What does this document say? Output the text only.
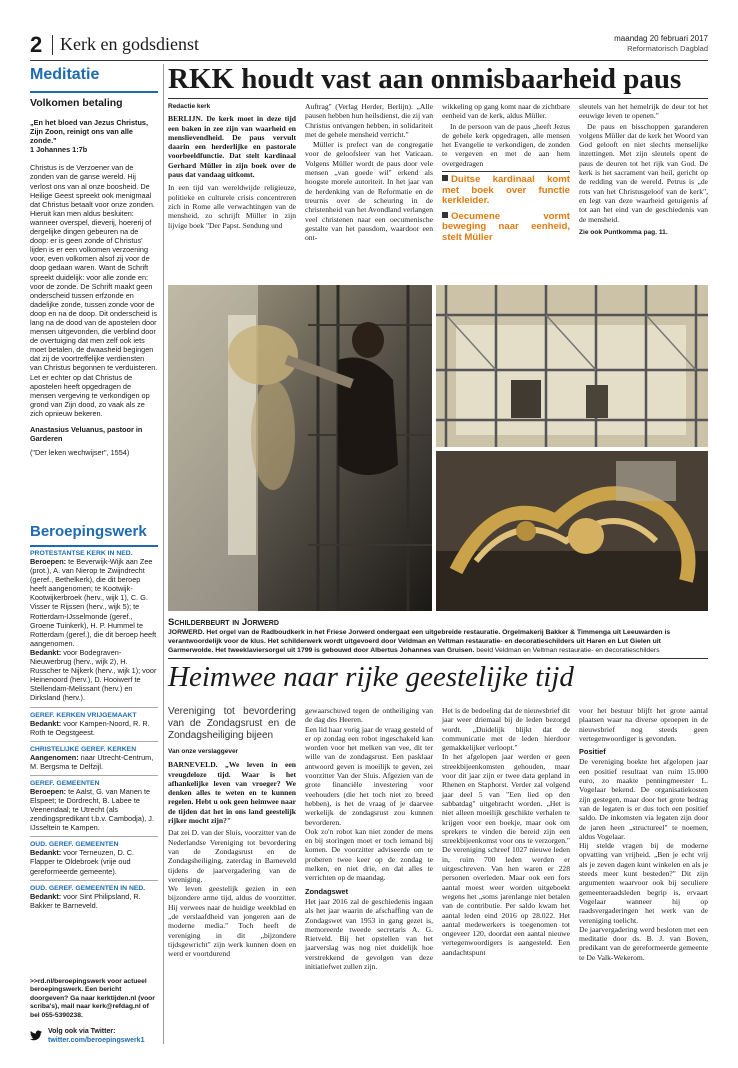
2 Kerk en godsdienst	maandag 20 februari 2017
Reformatorisch Dagblad
Meditatie
Volkomen betaling
„En het bloed van Jezus Christus, Zijn Zoon, reinigt ons van alle zonde."
1 Johannes 1:7b
Christus is de Verzoener van de zonden van de ganse wereld. Hij verlost ons van al onze boosheid. De Heilige Geest spreekt ook menigmaal dat Christus betaalt voor onze zonden. Hieruit kan men aldus besluiten: wanneer overspel, dieverij, hoererij of dergelijke dingen gebeuren na de doop: er is geen zonde of Christus' lijden is er een volkomen verzoening voor, even volkomen alsof zij voor de doop gedaan waren. Want de Schrift spreekt duidelijk: voor alle zonde en: voor de zonde. De Schrift maakt geen onderscheid tussen erfzonde en dadelijke zonde, tussen zonde voor de doop en na de doop. Dit onderscheid is lang na de dood van de apostelen door mensen uitgevonden, die verblind door de overtuiging dat men zelf ook iets moet betalen, de dwaasheid begingen dat zij de voortreffelijke verdiensten van Christus begonnen te verduisteren. Let er echter op dat Christus de apostelen heeft opgedragen de mensen vergeving te verkondigen op grond van Zijn dood, zo vaak als ze zich opnieuw bekeren.
Anastasius Veluanus, pastoor in Garderen
("Der leken wechwijser", 1554)
Beroepingswerk
PROTESTANTSE KERK IN NED.
Beroepen: te Beverwijk-Wijk aan Zee (prot.), A. van Nierop te Zwijndrecht (geref., Bethelkerk), die dit beroep heeft aangenomen; te Kootwijk-Kootwijkerbroek (herv., wijk 1), C. G. Visser te Rijssen (herv., wijk 5); te Rotterdam-IJsselmonde (geref., Groene Tuinkerk), H. P. Hummel te Rotterdam (geref.), die dit beroep heeft aangenomen.
Bedankt: voor Bodegraven-Nieuwerbrug (herv., wijk 2), H. Russcher te Nijkerk (herv., wijk 1); voor Heinenoord (herv.), D. Hooiwerf te Stellendam-Melissant (herv.) en Dirksland (herv.).
GEREF. KERKEN VRIJGEMAAKT
Bedankt: voor Kampen-Noord, R. R. Roth te Oegstgeest.
CHRISTELIJKE GEREF. KERKEN
Aangenomen: naar Utrecht-Centrum, M. Bergsma te Delfzijl.
GEREF. GEMEENTEN
Beroepen: te Aalst, G. van Manen te Elspeet; te Dordrecht, B. Labee te Veenendaal; te Utrecht (als zendingspredikant t.b.v. Cambodja), J. IJsseltein te Kampen.
OUD. GEREF. GEMEENTEN
Bedankt: voor Terneuzen, D. C. Flapper te Oldebroek (vrije oud gereformeerde gemeente).
OUD. GEREF. GEMEENTEN IN NED.
Bedankt: voor Sint Philipsland, R. Bakker te Barneveld.
>>rd.nl/beroepingswerk voor actueel beroepingswerk. Een bericht doorgeven? Ga naar kerktijden.nl (voor scriba's), mail naar kerk@refdag.nl of bel 055-5390238.
Volg ook via Twitter:
twitter.com/beroepingswerk1
RKK houdt vast aan onmisbaarheid paus
Redactie kerk

BERLIJN. De kerk moet in deze tijd een baken in zee zijn van waarheid en menslievendheid. De paus vervult daarin een herderlijke en pastorale voorbeeldfunctie. Dat stelt kardinaal Gerhard Müller in zijn boek over de paus dat vandaag uitkomt.

In een tijd van wereldwijde religieuze, politieke en culturele crisis concentreren zich in Rome alle verwachtingen van de mensheid, zo schrijft Müller in zijn lijvige boek "Der Papst. Sendung und

Auftrag" (Verlag Herder, Berlijn). „Alle pausen hebben hun heilsdienst, die zij van Christus ontvangen hebben, in solidariteit met de gehele mensheid verricht."

Müller is prefect van de congregatie voor de geloofsleer van het Vaticaan. Volgens Müller wordt de paus door vele mensen „van goede wil" erkend als hoogste morele autoriteit. In het jaar van de herdenking van de Reformatie en de treurnis over de scheuring in de christenheid van het Avondland verlangen veel christenen naar een oecumenische gestalte van het pausdom, waardoor een ont-

wikkeling op gang komt naar de zichtbare eenheid van de kerk, aldus Müller.

In de persoon van de paus „heeft Jezus de gehele kerk opgedragen, alle mensen het Evangelie te verkondigen, de zonden te vergeven en met de aan hem overgedragen

Duitse kardinaal komt met boek over functie kerkleider.
Oecumene vormt beweging naar eenheid, stelt Müller

sleutels van het hemelrijk de deur tot het eeuwige leven te openen."

De paus en bisschoppen garanderen volgens Müller dat de kerk het Woord van God gelooft en niet slechts menselijke inzettingen. Met zijn sleutels opent de paus de deuren tot het rijk van God. De kerk is het sacrament van heil, gericht op de redding van de wereld. Petrus is „de rots van het Christusgeloof van de kerk", en legt van deze waarheid getuigenis af tot aan het eind van de geschiedenis van de mensheid.

Zie ook Puntkomma pag. 11.

Schilderbeurt in Jorwerd
JORWERD. Het orgel van de Radboudkerk in het Friese Jorwerd ondergaat een uitgebreide restauratie. Orgelmakerij Bakker & Timmenga uit Leeuwarden is verantwoordelijk voor de klus. Het schilderwerk wordt uitgevoerd door Veldman en Veltman restauratie- en decoratieschilders uit Haren en Lut Gielen uit Garmerwolde. Het tweeklaviersorgel uit 1799 is gebouwd door Albertus Johannes van Gruisen. beeld Veldman en Veltman restauratie- en decoratieschilders
Heimwee naar rijke geestelijke tijd
Vereniging tot bevordering van de Zondagsrust en de Zondagsheiliging bijeen
Van onze verslaggever

BARNEVELD. „We leven in een vreugdeloze tijd. Waar is het afhankelijke leven van vroeger? We denken alles te weten en te kunnen regelen. Hebt u ook geen heimwee naar de tijden dat het in ons land geestelijk rijker mocht zijn?"

Dat zei D. van der Sluis, voorzitter van de Nederlandse Vereniging tot bevordering van de Zondagsrust en de Zondagsheiliging, zaterdag in Barneveld tijdens de jaarvergadering van de vereniging.
We leven geestelijk gezien in een bijzondere arme tijd, aldus de voorzitter. Hij verwees naar de huidige weekblad en „de verslaafdheid van jongeren aan de moderne media." Toch heeft de vereniging in dit „bijzondere tijdsgewricht" zijn werk kunnen doen en werd er voortdurend

gewaarschuwd tegen de ontheiliging van de dag des Heeren.
Een lid haar vorig jaar de vraag gesteld of er op zondag een robot ingeschakeld kan worden voor het melken van vee, dit ter wille van de zondagsrust. Een pasklaar antwoord geven is moeilijk te geven, zei voorzitter Van der Sluis. Afgezien van de grote financiële investering voor veehouders (die het toch niet zo breed hebben), is het de vraag of je daarvee werkelijk de zondagsrust zou kunnen bevorderen.
Ook zo'n robot kan niet zonder de mens en bij storingen moet er toch iemand bij komen. De voorzitter adviseerde om te proberen twee keer op de zondag te melken, en niet drie, en dat alles te verrichten op de maandag.

Zondagswet

Het jaar 2016 zal de geschiedenis ingaan als het jaar waarin de afschaffing van de Zondagswet van 1953 in gang gezet is, memoreerde tweede secretaris A. G. Rietveld. Bij het opstellen van het jaarverslag was nog niet duidelijk hoe verstrekkend de gevolgen van deze initiatiefwet zullen zijn.

Het is de bedoeling dat de nieuwsbrief dit jaar weer driemaal bij de leden bezorgd wordt. „Duidelijk blijkt dat de communicatie met de leden hierdoor gemakkelijker verloopt."
In het afgelopen jaar werden er geen streekbijeenkomsten gehouden, maar voor dit jaar zijn er twee data gepland in Rhenen en Staphorst. Verder zal volgend jaar deel 5 van "Een lied op den sabbatdag" uitgebracht worden. „Het is niet alleen moeilijk geschikte verhalen te krijgen voor een boekje, maar ook om sprekers te vinden die bereid zijn een streekbijeenkomst voor ons te verzorgen."
De vereniging schreef 1027 nieuwe leden in, ruim 700 leden werden er uitgeschreven. Van hen waren er 228 personen overleden. Maar ook een fors aantal moest weer worden uitgeboekt wegens het „soms jarenlange niet betalen van de contributie. Per saldo kwam het aantal leden eind 2016 op 28.022. Het aantal medewerkers is toegenomen tot ongeveer 120, doordat een aantal nieuwe vertegenwoordigers is aangesteld. Een aandachtspunt

voor het bestuur blijft het grote aantal plaatsen waar na diverse oproepen in de nieuwsbrief nog steeds geen vertegenwoordiger is gevonden.

Positief

De vereniging boekte het afgelopen jaar een positief resultaat van ruim 15.000 euro, zo maakte penningmeester L. Vogelaar bekend. De organisatiekosten zijn gestegen, maar door het grote bedrag van de legaten is er dus toch een positief saldo. De inkomsten via legaten zijn door de jaren heen „structureel" te noemen, aldus Vogelaar.
Hij stelde vragen bij de moderne opvatting van vrijheid. „Ben je echt vrij als je zeven dagen kunt winkelen en als je steeds meer kunt besteden?" Dit zijn argumenten waarvoor ook bij seculiere gemeenteraadsleden begrip is, ervaart Vogelaar wanneer hij op raadsvergaderingen het werk van de vereniging toelicht.
De jaarvergadering werd besloten met een meditatie door ds. B. J. van Boven, predikant van de gereformeerde gemeente te De Valk-Wekerom.
